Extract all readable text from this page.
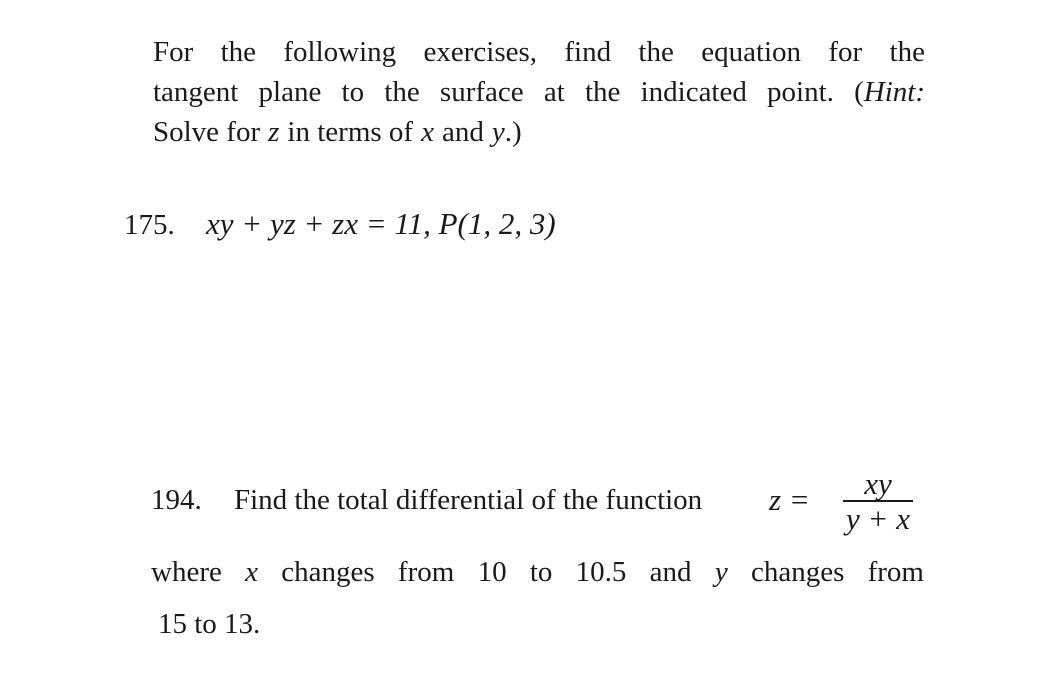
For the following exercises, find the equation for the
tangent plane to the surface at the indicated point. (Hint:
Solve for z in terms of x and y.)
175. xy + yz + zx = 11, P(1, 2, 3)
194. Find the total differential of the function z =	xy
y + x
where x changes from 10 to 10.5 and y changes from
15 to 13.
